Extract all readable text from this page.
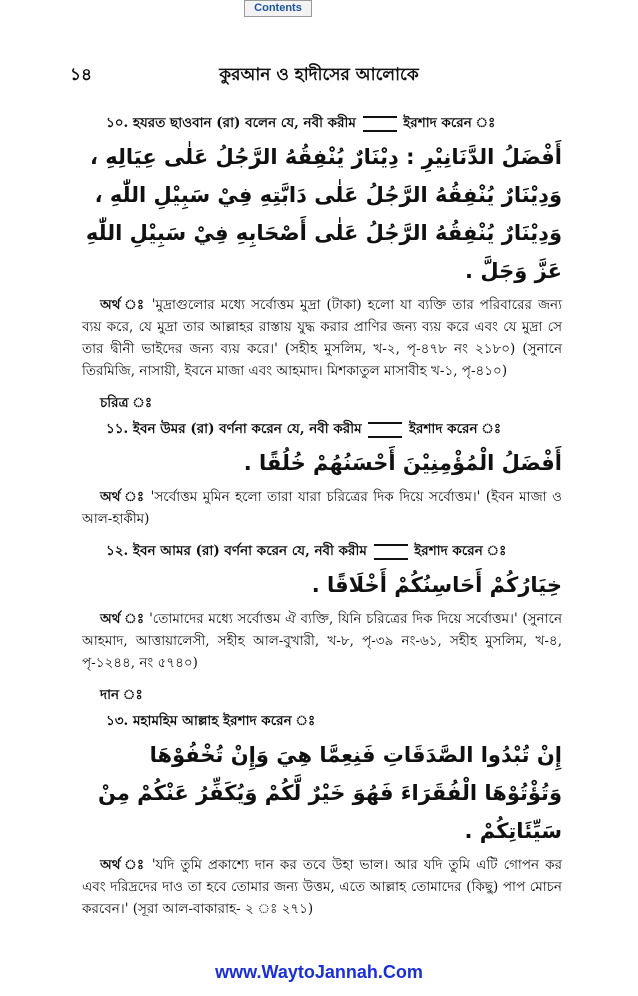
Contents
১৪	কুরআন ও হাদীসের আলোকে
১০. হযরত ছাওবান (রা) বলেন যে, নবী করীম	ইরশাদ করেন ঃ
أَفْضَلُ الدَّنَانِيْرِ : دِيْنَارٌ يُنْفِقُهُ الرَّجُلُ عَلٰى عِيَالِهِ ، وَدِيْنَارٌ يُنْفِقُهُ الرَّجُلُ عَلٰى دَابَّتِهِ فِيْ سَبِيْلِ اللّٰهِ ، وَدِيْنَارٌ يُنْفِقُهُ الرَّجُلُ عَلٰى أَصْحَابِهِ فِيْ سَبِيْلِ اللّٰهِ عَزَّ وَجَلَّ .

অর্থ ঃ 'মুদ্রাগুলোর মধ্যে সর্বোত্তম মুদ্রা (টাকা) হলো যা ব্যক্তি তার পরিবারের জন্য ব্যয় করে, যে মুদ্রা তার আল্লাহর রাস্তায় যুদ্ধ করার প্রাণির জন্য ব্যয় করে এবং যে মুদ্রা সে তার দ্বীনী ভাইদের জন্য ব্যয় করে।' (সহীহ মুসলিম, খ-২, পৃ-৪৭৮ নং ২১৮০) (সুনানে তিরমিজি, নাসায়ী, ইবনে মাজা এবং আহমাদ। মিশকাতুল মাসাবীহ খ-১, পৃ-৪১০)

চরিত্র ঃ
১১. ইবন উমর (রা) বর্ণনা করেন যে, নবী করীম	ইরশাদ করেন ঃ
أَفْضَلُ الْمُؤْمِنِيْنَ أَحْسَنُهُمْ خُلُقًا .

অর্থ ঃ 'সর্বোত্তম মুমিন হলো তারা যারা চরিত্রের দিক দিয়ে সর্বোত্তম।' (ইবন মাজা ও আল-হাকীম)

১২. ইবন আমর (রা) বর্ণনা করেন যে, নবী করীম	ইরশাদ করেন ঃ
خِيَارُكُمْ أَحَاسِنُكُمْ أَخْلَاقًا .

অর্থ ঃ 'তোমাদের মধ্যে সর্বোত্তম ঐ ব্যক্তি, যিনি চরিত্রের দিক দিয়ে সর্বোত্তম।' (সুনানে আহমাদ, আত্তায়ালেসী, সহীহ আল-বুখারী, খ-৮, পৃ-৩৯ নং-৬১, সহীহ মুসলিম, খ-৪, পৃ-১২৪৪, নং ৫৭৪০)

দান ঃ
১৩. মহামহিম আল্লাহ ইরশাদ করেন ঃ
إِنْ تُبْدُوا الصَّدَقَاتِ فَنِعِمَّا هِيَ وَإِنْ تُخْفُوْهَا وَتُؤْتُوْهَا الْفُقَرَاءَ فَهُوَ خَيْرٌ لَّكُمْ وَيُكَفِّرُ عَنْكُمْ مِنْ سَيِّئَاتِكُمْ .

অর্থ ঃ 'যদি তুমি প্রকাশ্যে দান কর তবে উহা ভাল। আর যদি তুমি এটি গোপন কর এবং দরিদ্রদের দাও তা হবে তোমার জন্য উত্তম, এতে আল্লাহ তোমাদের (কিছু) পাপ মোচন করবেন।' (সূরা আল-বাকারাহ- ২ ঃ ২৭১)

www.WaytoJannah.Com
